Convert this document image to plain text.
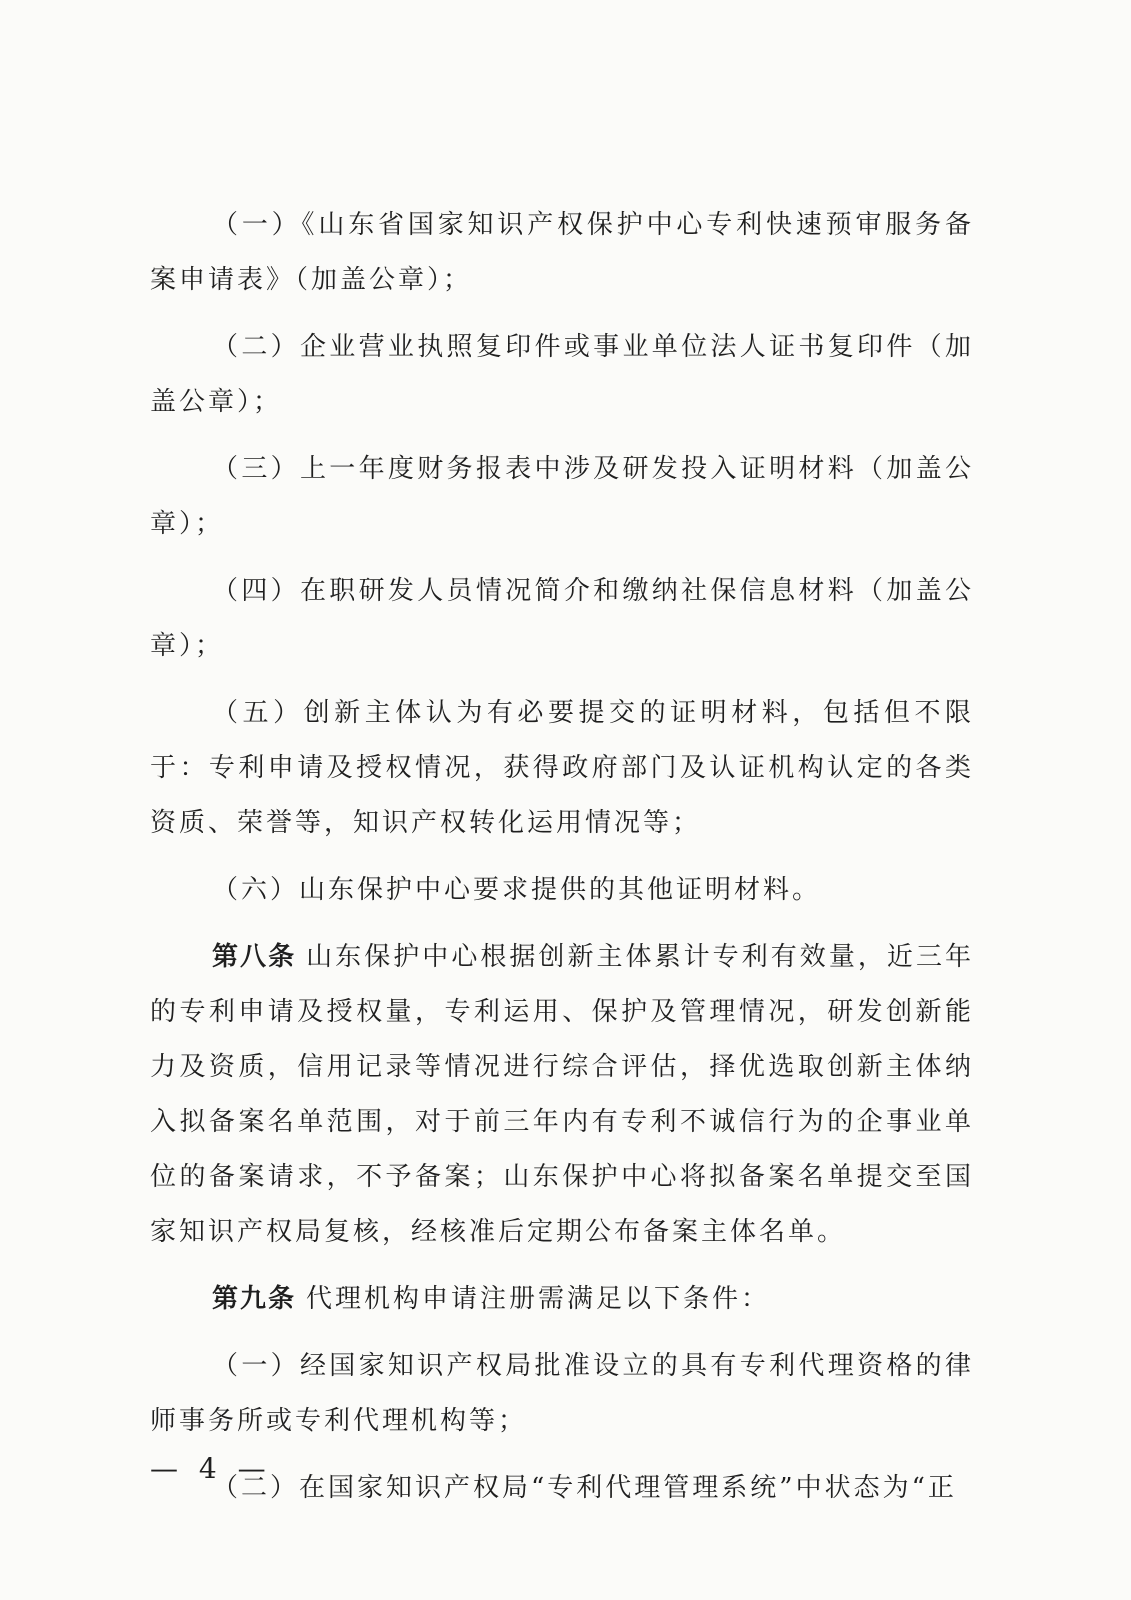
（一）《山东省国家知识产权保护中心专利快速预审服务备案申请表》（加盖公章）；

（二）企业营业执照复印件或事业单位法人证书复印件（加盖公章）；

（三）上一年度财务报表中涉及研发投入证明材料（加盖公章）；

（四）在职研发人员情况简介和缴纳社保信息材料（加盖公章）；

（五）创新主体认为有必要提交的证明材料，包括但不限于：专利申请及授权情况，获得政府部门及认证机构认定的各类资质、荣誉等，知识产权转化运用情况等；

（六）山东保护中心要求提供的其他证明材料。

第八条 山东保护中心根据创新主体累计专利有效量，近三年的专利申请及授权量，专利运用、保护及管理情况，研发创新能力及资质，信用记录等情况进行综合评估，择优选取创新主体纳入拟备案名单范围，对于前三年内有专利不诚信行为的企事业单位的备案请求，不予备案；山东保护中心将拟备案名单提交至国家知识产权局复核，经核准后定期公布备案主体名单。

第九条 代理机构申请注册需满足以下条件：

（一）经国家知识产权局批准设立的具有专利代理资格的律师事务所或专利代理机构等；

（二）在国家知识产权局“专利代理管理系统”中状态为“正

— 4 —
